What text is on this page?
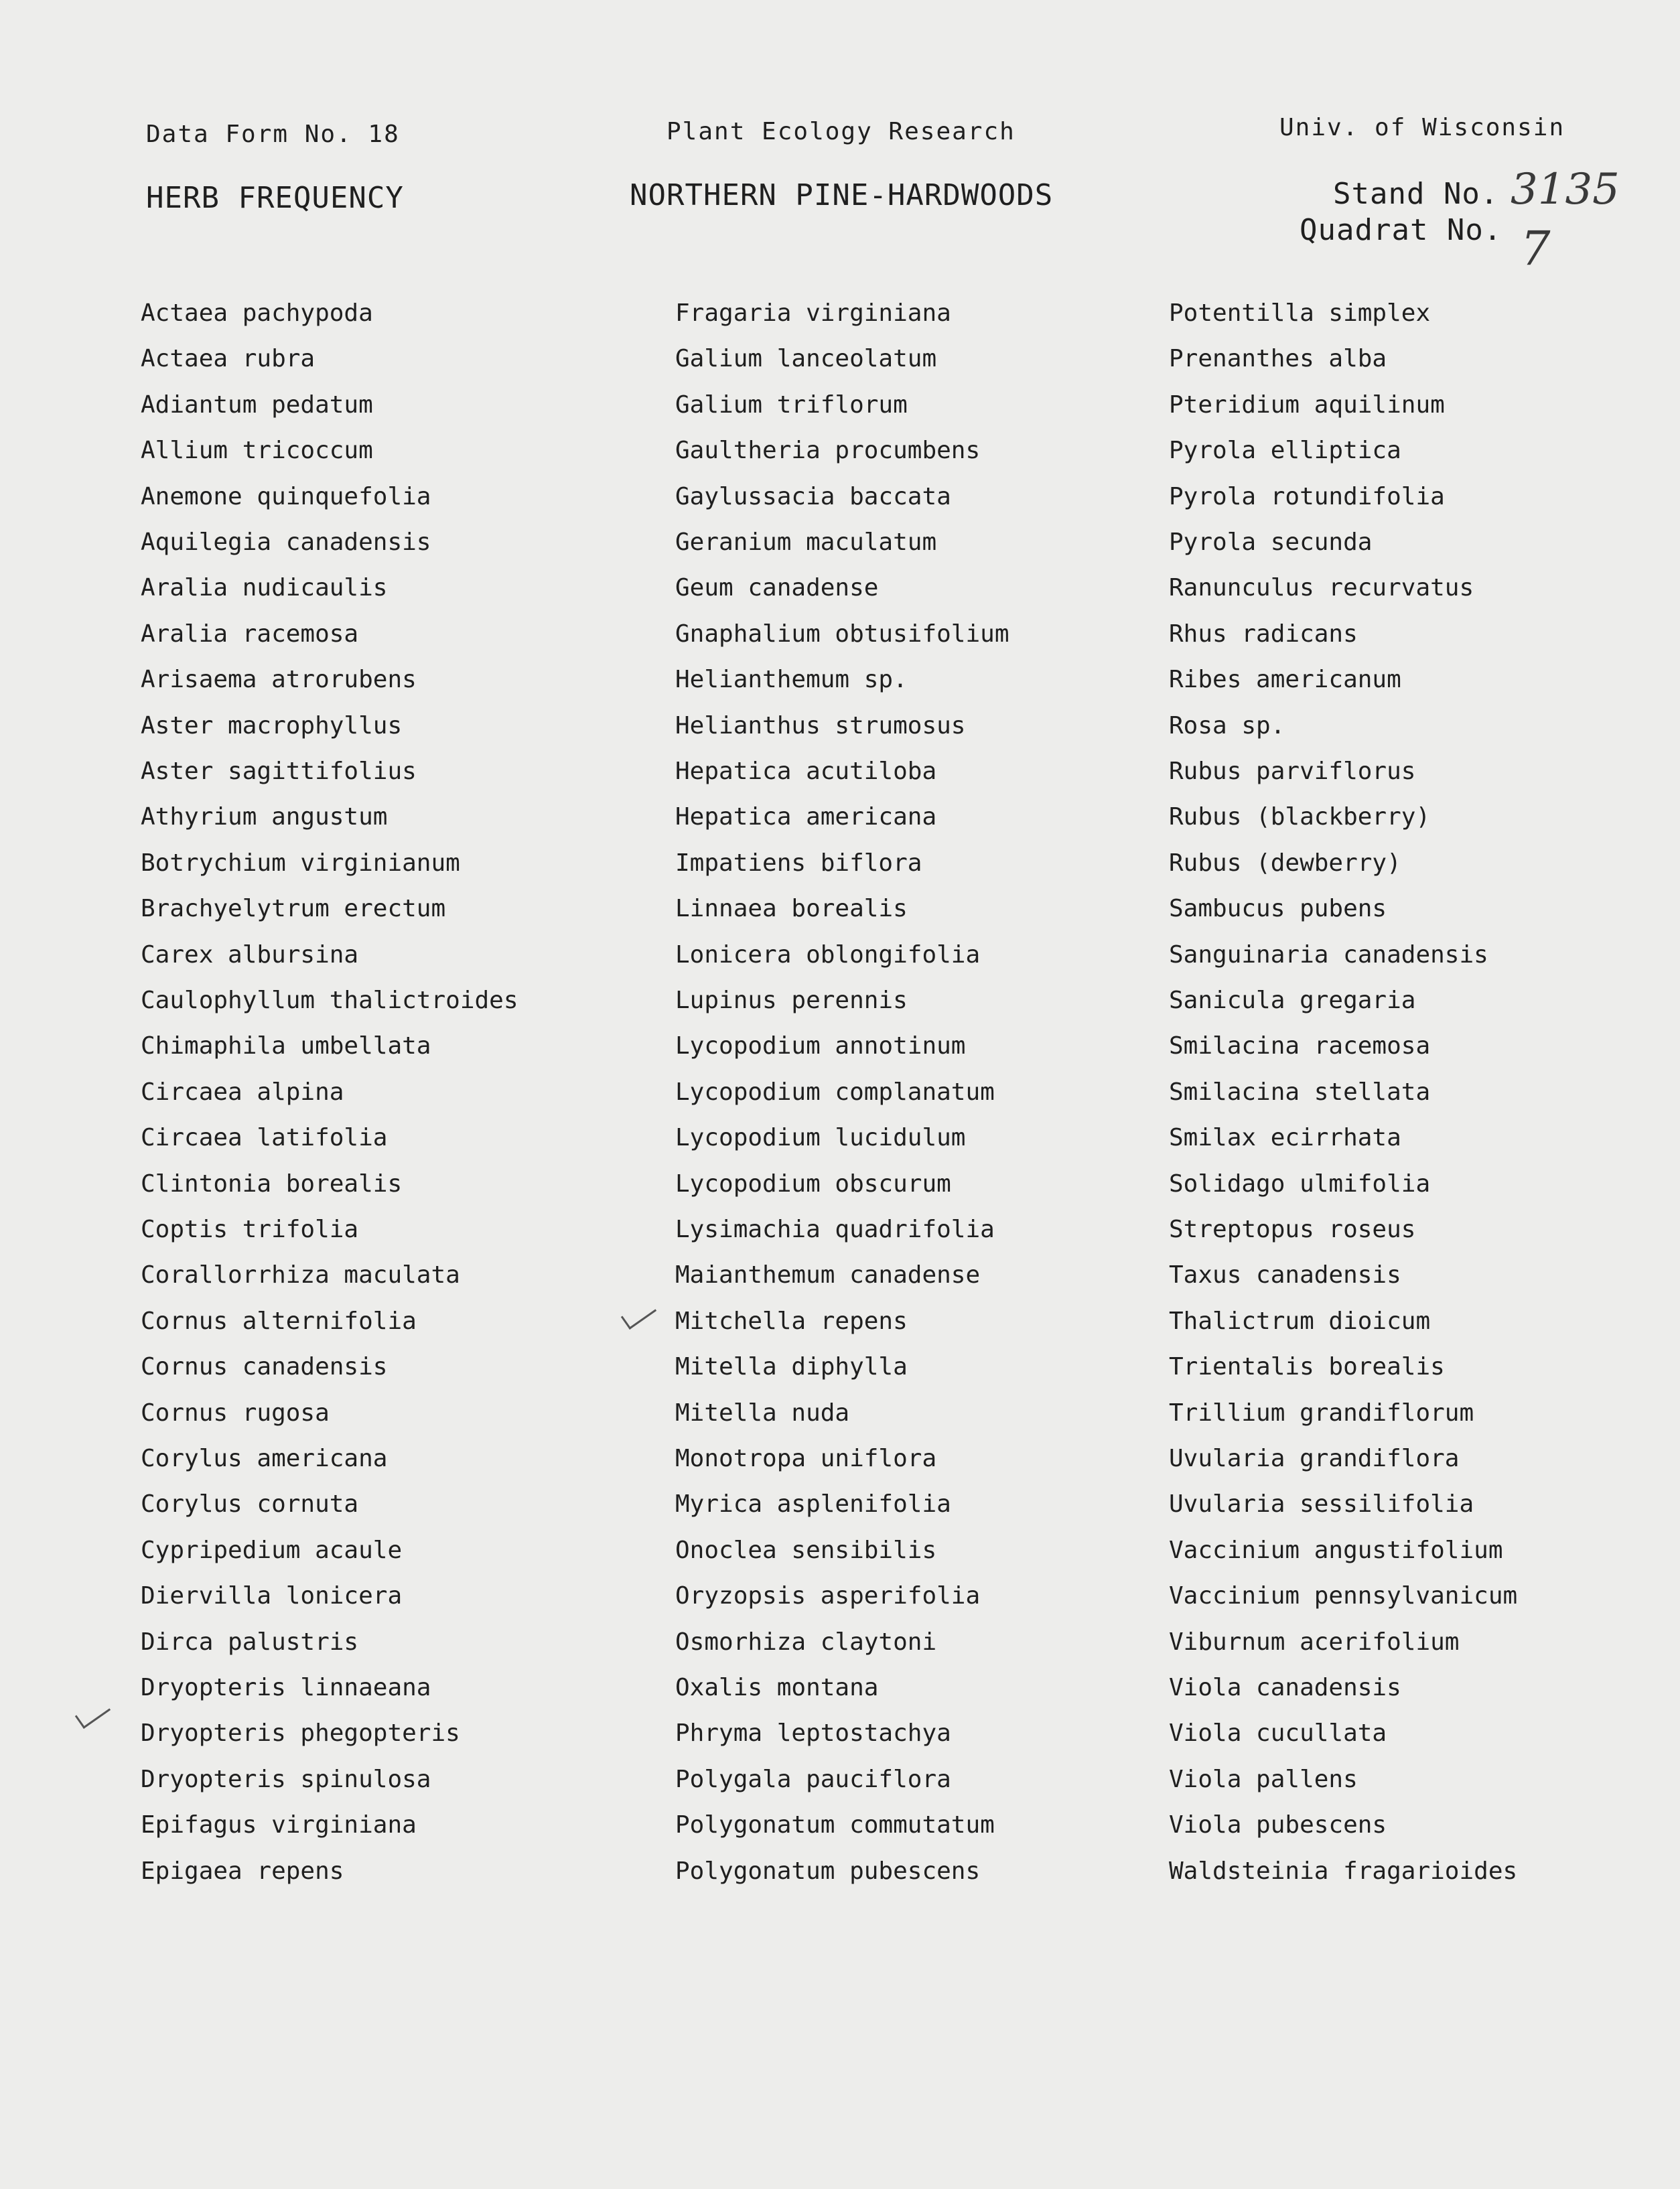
Data Form No. 18	Plant Ecology Research	Univ. of Wisconsin
HERB FREQUENCY	NORTHERN PINE-HARDWOODS	Stand No. 3135
Quadrat No. 7
Actaea pachypoda
Actaea rubra
Adiantum pedatum
Allium tricoccum
Anemone quinquefolia
Aquilegia canadensis
Aralia nudicaulis
Aralia racemosa
Arisaema atrorubens
Aster macrophyllus
Aster sagittifolius
Athyrium angustum
Botrychium virginianum
Brachyelytrum erectum
Carex albursina
Caulophyllum thalictroides
Chimaphila umbellata
Circaea alpina
Circaea latifolia
Clintonia borealis
Coptis trifolia
Corallorrhiza maculata
Cornus alternifolia
Cornus canadensis
Cornus rugosa
Corylus americana
Corylus cornuta
Cypripedium acaule
Diervilla lonicera
Dirca palustris
Dryopteris linnaeana
Dryopteris phegopteris
Dryopteris spinulosa
Epifagus virginiana
Epigaea repens
Fragaria virginiana
Galium lanceolatum
Galium triflorum
Gaultheria procumbens
Gaylussacia baccata
Geranium maculatum
Geum canadense
Gnaphalium obtusifolium
Helianthemum sp.
Helianthus strumosus
Hepatica acutiloba
Hepatica americana
Impatiens biflora
Linnaea borealis
Lonicera oblongifolia
Lupinus perennis
Lycopodium annotinum
Lycopodium complanatum
Lycopodium lucidulum
Lycopodium obscurum
Lysimachia quadrifolia
Maianthemum canadense
Mitchella repens
Mitella diphylla
Mitella nuda
Monotropa uniflora
Myrica asplenifolia
Onoclea sensibilis
Oryzopsis asperifolia
Osmorhiza claytoni
Oxalis montana
Phryma leptostachya
Polygala pauciflora
Polygonatum commutatum
Polygonatum pubescens
Potentilla simplex
Prenanthes alba
Pteridium aquilinum
Pyrola elliptica
Pyrola rotundifolia
Pyrola secunda
Ranunculus recurvatus
Rhus radicans
Ribes americanum
Rosa sp.
Rubus parviflorus
Rubus (blackberry)
Rubus (dewberry)
Sambucus pubens
Sanguinaria canadensis
Sanicula gregaria
Smilacina racemosa
Smilacina stellata
Smilax ecirrhata
Solidago ulmifolia
Streptopus roseus
Taxus canadensis
Thalictrum dioicum
Trientalis borealis
Trillium grandiflorum
Uvularia grandiflora
Uvularia sessilifolia
Vaccinium angustifolium
Vaccinium pennsylvanicum
Viburnum acerifolium
Viola canadensis
Viola cucullata
Viola pallens
Viola pubescens
Waldsteinia fragarioides
